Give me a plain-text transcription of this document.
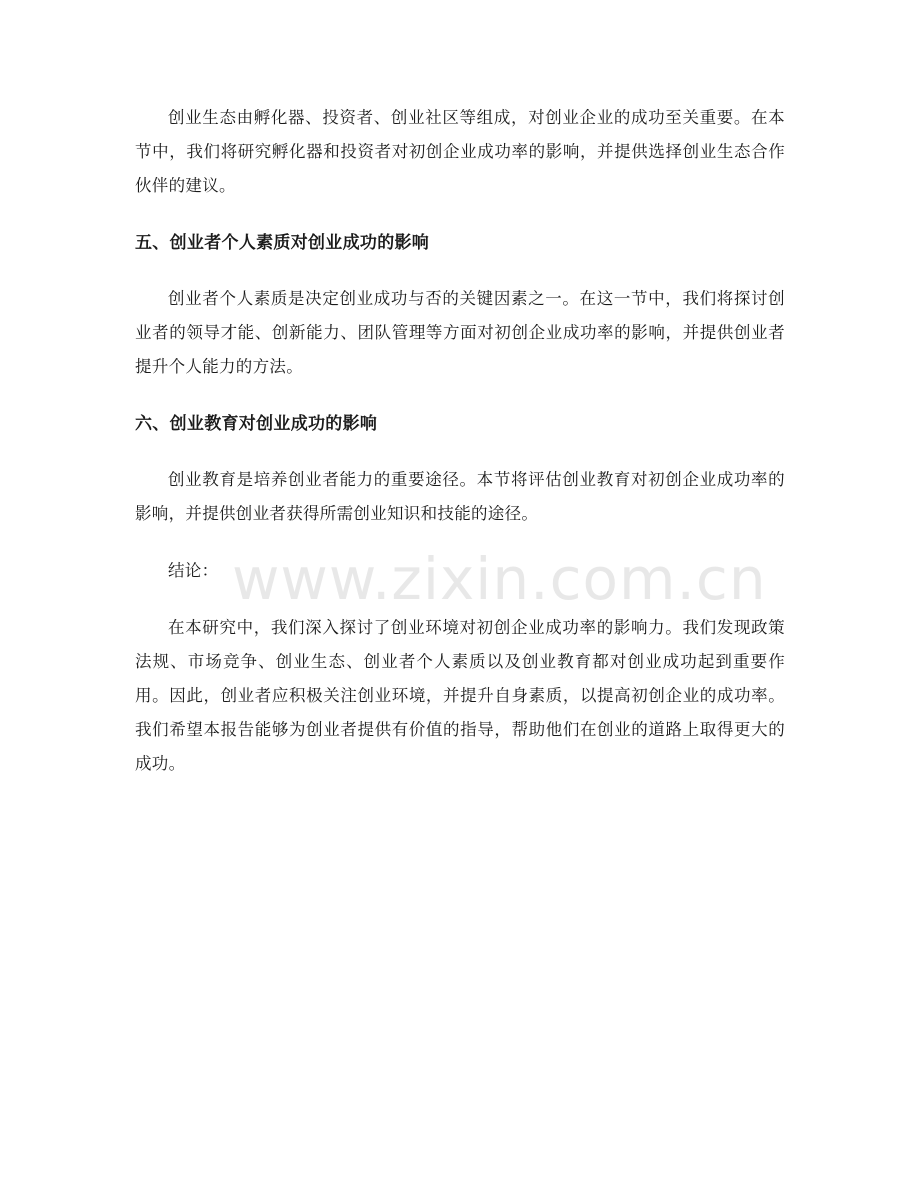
创业生态由孵化器、投资者、创业社区等组成，对创业企业的成功至关重要。在本节中，我们将研究孵化器和投资者对初创企业成功率的影响，并提供选择创业生态合作伙伴的建议。

五、创业者个人素质对创业成功的影响

创业者个人素质是决定创业成功与否的关键因素之一。在这一节中，我们将探讨创业者的领导才能、创新能力、团队管理等方面对初创企业成功率的影响，并提供创业者提升个人能力的方法。

六、创业教育对创业成功的影响

创业教育是培养创业者能力的重要途径。本节将评估创业教育对初创企业成功率的影响，并提供创业者获得所需创业知识和技能的途径。

结论：

在本研究中，我们深入探讨了创业环境对初创企业成功率的影响力。我们发现政策法规、市场竞争、创业生态、创业者个人素质以及创业教育都对创业成功起到重要作用。因此，创业者应积极关注创业环境，并提升自身素质，以提高初创企业的成功率。我们希望本报告能够为创业者提供有价值的指导，帮助他们在创业的道路上取得更大的成功。

www.zixin.com.cn
